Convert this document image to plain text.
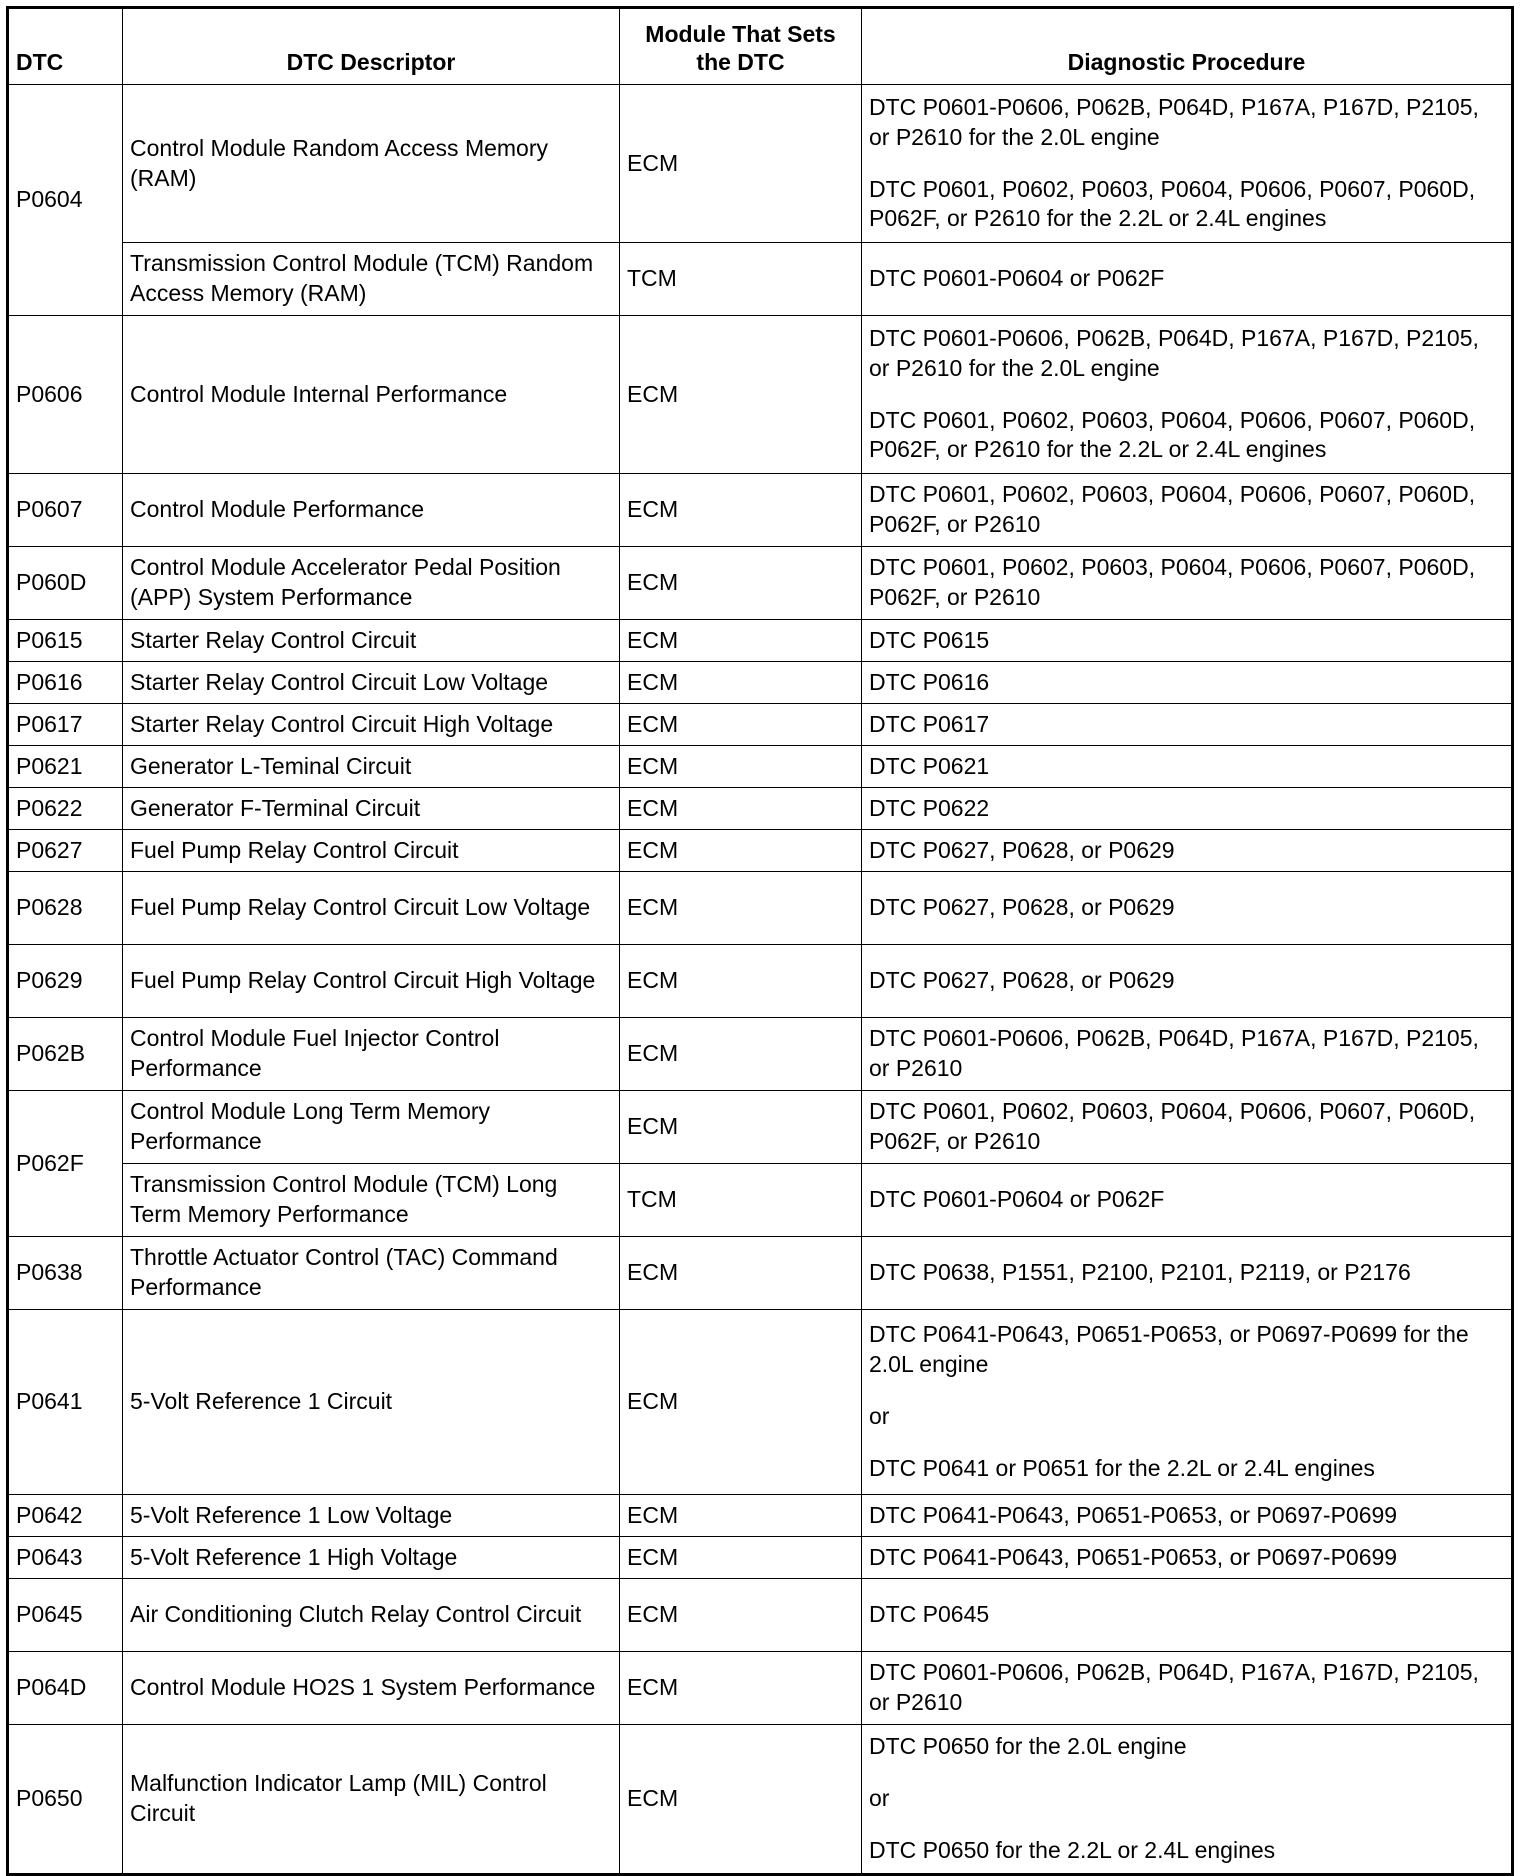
DTC	DTC Descriptor	Module That Sets the DTC	Diagnostic Procedure
P0604	Control Module Random Access Memory (RAM)	ECM	DTC P0601-P0606, P062B, P064D, P167A, P167D, P2105, or P2610 for the 2.0L engine

DTC P0601, P0602, P0603, P0604, P0606, P0607, P060D, P062F, or P2610 for the 2.2L or 2.4L engines

	Transmission Control Module (TCM) Random Access Memory (RAM)	TCM	DTC P0601-P0604 or P062F

P0606	Control Module Internal Performance	ECM	DTC P0601-P0606, P062B, P064D, P167A, P167D, P2105, or P2610 for the 2.0L engine

DTC P0601, P0602, P0603, P0604, P0606, P0607, P060D, P062F, or P2610 for the 2.2L or 2.4L engines

P0607	Control Module Performance	ECM	DTC P0601, P0602, P0603, P0604, P0606, P0607, P060D, P062F, or P2610

P060D	Control Module Accelerator Pedal Position (APP) System Performance	ECM	DTC P0601, P0602, P0603, P0604, P0606, P0607, P060D, P062F, or P2610

P0615	Starter Relay Control Circuit	ECM	DTC P0615

P0616	Starter Relay Control Circuit Low Voltage	ECM	DTC P0616

P0617	Starter Relay Control Circuit High Voltage	ECM	DTC P0617

P0621	Generator L-Teminal Circuit	ECM	DTC P0621

P0622	Generator F-Terminal Circuit	ECM	DTC P0622

P0627	Fuel Pump Relay Control Circuit	ECM	DTC P0627, P0628, or P0629

P0628	Fuel Pump Relay Control Circuit Low Voltage	ECM	DTC P0627, P0628, or P0629

P0629	Fuel Pump Relay Control Circuit High Voltage	ECM	DTC P0627, P0628, or P0629

P062B	Control Module Fuel Injector Control Performance	ECM	DTC P0601-P0606, P062B, P064D, P167A, P167D, P2105, or P2610

P062F	Control Module Long Term Memory Performance	ECM	DTC P0601, P0602, P0603, P0604, P0606, P0607, P060D, P062F, or P2610

	Transmission Control Module (TCM) Long Term Memory Performance	TCM	DTC P0601-P0604 or P062F

P0638	Throttle Actuator Control (TAC) Command Performance	ECM	DTC P0638, P1551, P2100, P2101, P2119, or P2176

P0641	5-Volt Reference 1 Circuit	ECM	DTC P0641-P0643, P0651-P0653, or P0697-P0699 for the 2.0L engine

or

DTC P0641 or P0651 for the 2.2L or 2.4L engines

P0642	5-Volt Reference 1 Low Voltage	ECM	DTC P0641-P0643, P0651-P0653, or P0697-P0699

P0643	5-Volt Reference 1 High Voltage	ECM	DTC P0641-P0643, P0651-P0653, or P0697-P0699

P0645	Air Conditioning Clutch Relay Control Circuit	ECM	DTC P0645

P064D	Control Module HO2S 1 System Performance	ECM	DTC P0601-P0606, P062B, P064D, P167A, P167D, P2105, or P2610

P0650	Malfunction Indicator Lamp (MIL) Control Circuit	ECM	DTC P0650 for the 2.0L engine

or

DTC P0650 for the 2.2L or 2.4L engines
